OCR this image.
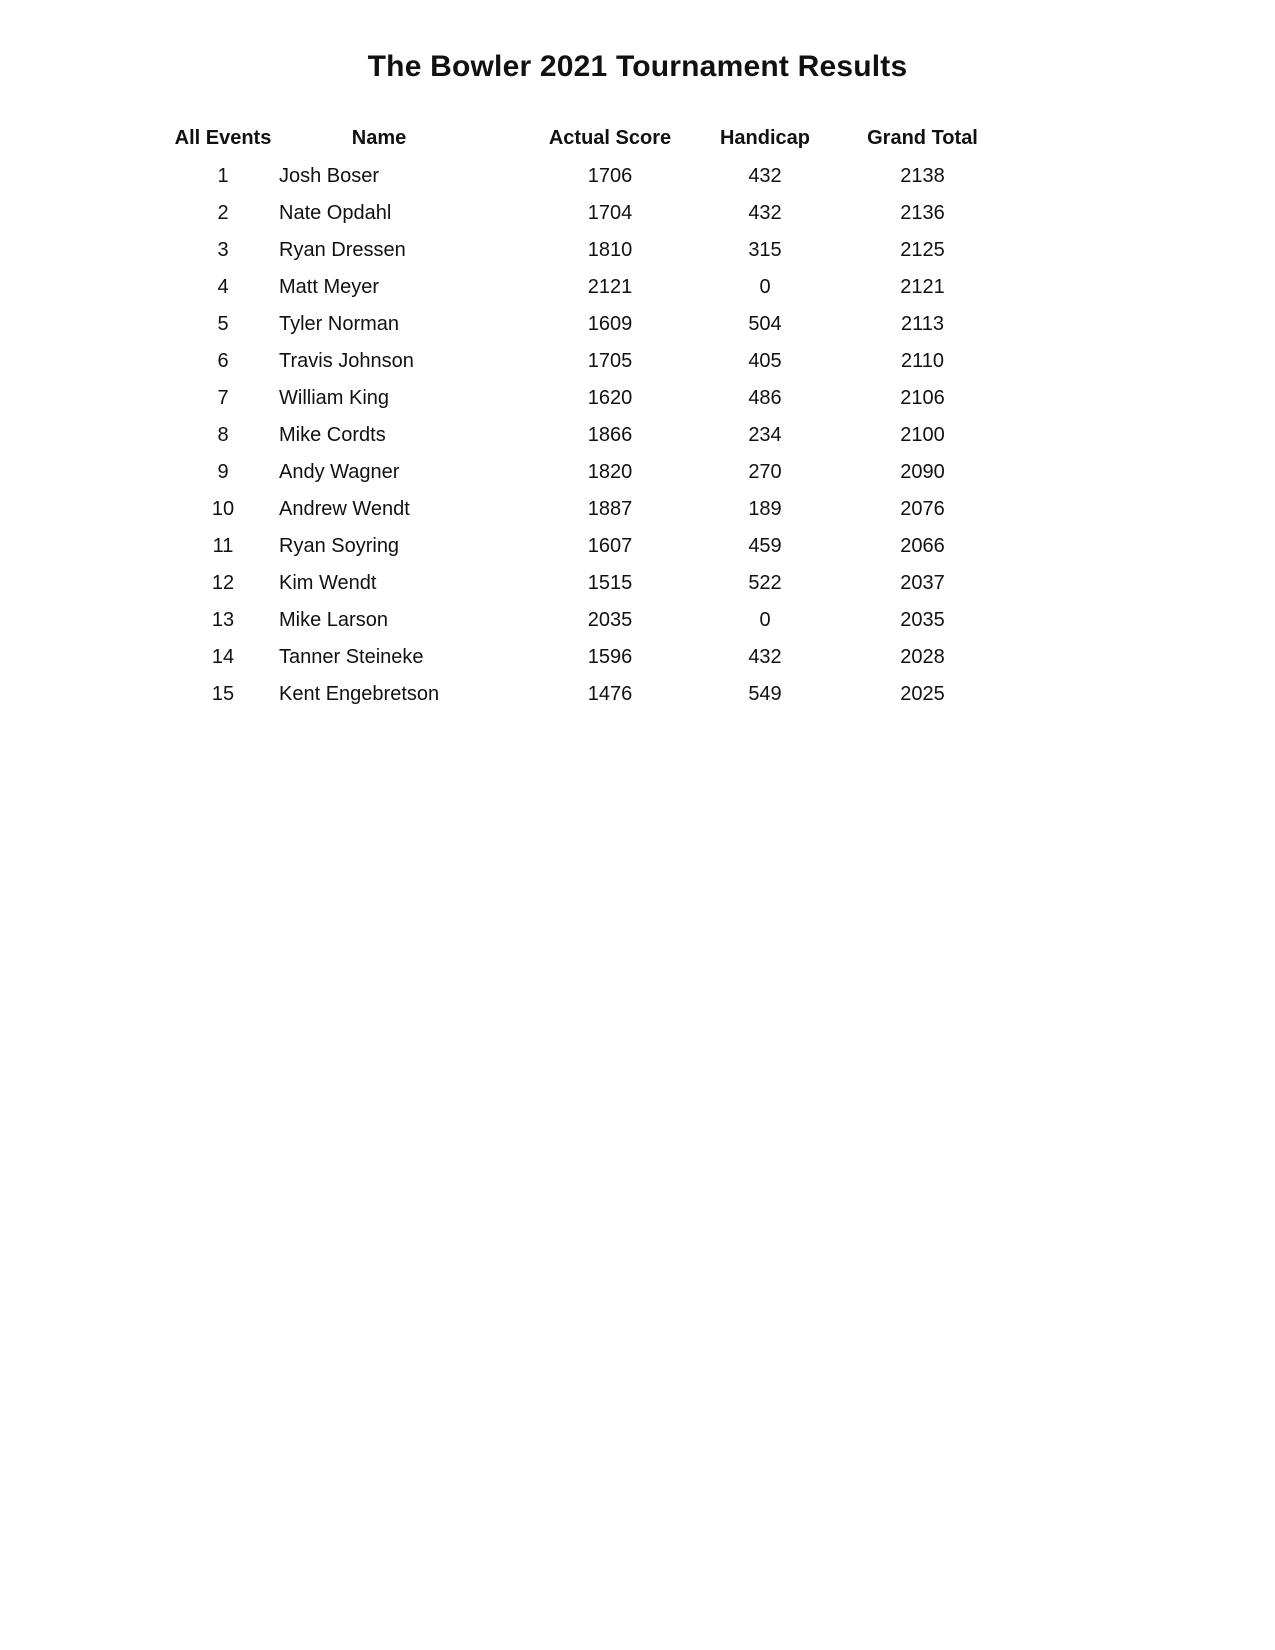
The Bowler 2021 Tournament Results
All Events	Name	Actual Score	Handicap	Grand Total
1	Josh Boser	1706	432	2138
2	Nate Opdahl	1704	432	2136
3	Ryan Dressen	1810	315	2125
4	Matt Meyer	2121	0	2121
5	Tyler Norman	1609	504	2113
6	Travis Johnson	1705	405	2110
7	William King	1620	486	2106
8	Mike Cordts	1866	234	2100
9	Andy Wagner	1820	270	2090
10	Andrew Wendt	1887	189	2076
11	Ryan Soyring	1607	459	2066
12	Kim Wendt	1515	522	2037
13	Mike Larson	2035	0	2035
14	Tanner Steineke	1596	432	2028
15	Kent Engebretson	1476	549	2025
